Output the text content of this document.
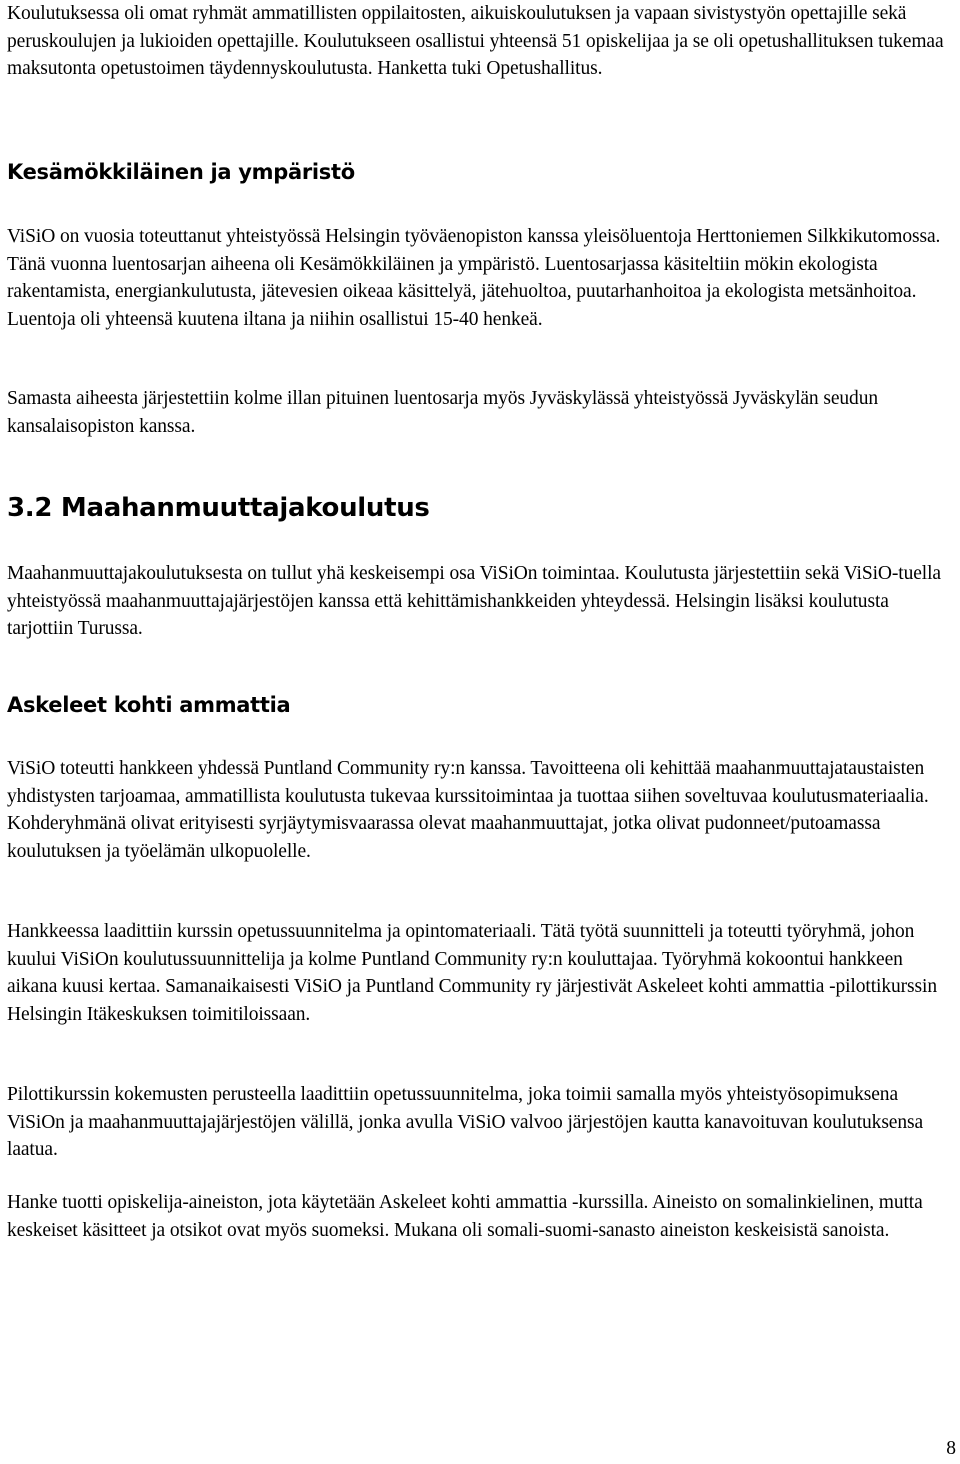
Koulutuksessa oli omat ryhmät ammatillisten oppilaitosten, aikuiskoulutuksen ja vapaan sivistystyön opettajille sekä peruskoulujen ja lukioiden opettajille. Koulutukseen osallistui yhteensä 51 opiskelijaa ja se oli opetushallituksen tukemaa maksutonta opetustoimen täydennyskoulutusta. Hanketta tuki Opetushallitus.

Kesämökkiläinen ja ympäristö

ViSiO on vuosia toteuttanut yhteistyössä Helsingin työväenopiston kanssa yleisöluentoja Herttoniemen Silkkikutomossa. Tänä vuonna luentosarjan aiheena oli Kesämökkiläinen ja ympäristö. Luentosarjassa käsiteltiin mökin ekologista rakentamista, energiankulutusta, jätevesien oikeaa käsittelyä, jätehuoltoa, puutarhanhoitoa ja ekologista metsänhoitoa. Luentoja oli yhteensä kuutena iltana ja niihin osallistui 15-40 henkeä.

Samasta aiheesta järjestettiin kolme illan pituinen luentosarja myös Jyväskylässä yhteistyössä Jyväskylän seudun kansalaisopiston kanssa.

3.2 Maahanmuuttajakoulutus

Maahanmuuttajakoulutuksesta on tullut yhä keskeisempi osa ViSiOn toimintaa. Koulutusta järjestettiin sekä ViSiO-tuella yhteistyössä maahanmuuttajajärjestöjen kanssa että kehittämishankkeiden yhteydessä. Helsingin lisäksi koulutusta tarjottiin Turussa.

Askeleet kohti ammattia

ViSiO toteutti hankkeen yhdessä Puntland Community ry:n kanssa. Tavoitteena oli kehittää maahanmuuttajataustaisten yhdistysten tarjoamaa, ammatillista koulutusta tukevaa kurssitoimintaa ja tuottaa siihen soveltuvaa koulutusmateriaalia. Kohderyhmänä olivat erityisesti syrjäytymisvaarassa olevat maahanmuuttajat, jotka olivat pudonneet/putoamassa koulutuksen ja työelämän ulkopuolelle.

Hankkeessa laadittiin kurssin opetussuunnitelma ja opintomateriaali. Tätä työtä suunnitteli ja toteutti työryhmä, johon kuului ViSiOn koulutussuunnittelija ja kolme Puntland Community ry:n kouluttajaa. Työryhmä kokoontui hankkeen aikana kuusi kertaa. Samanaikaisesti ViSiO ja Puntland Community ry järjestivät Askeleet kohti ammattia -pilottikurssin Helsingin Itäkeskuksen toimitiloissaan.

Pilottikurssin kokemusten perusteella laadittiin opetussuunnitelma, joka toimii samalla myös yhteistyösopimuksena ViSiOn ja maahanmuuttajajärjestöjen välillä, jonka avulla ViSiO valvoo järjestöjen kautta kanavoituvan koulutuksensa laatua.

Hanke tuotti opiskelija-aineiston, jota käytetään Askeleet kohti ammattia -kurssilla. Aineisto on somalinkielinen, mutta keskeiset käsitteet ja otsikot ovat myös suomeksi. Mukana oli somali-suomi-sanasto aineiston keskeisistä sanoista.

8
